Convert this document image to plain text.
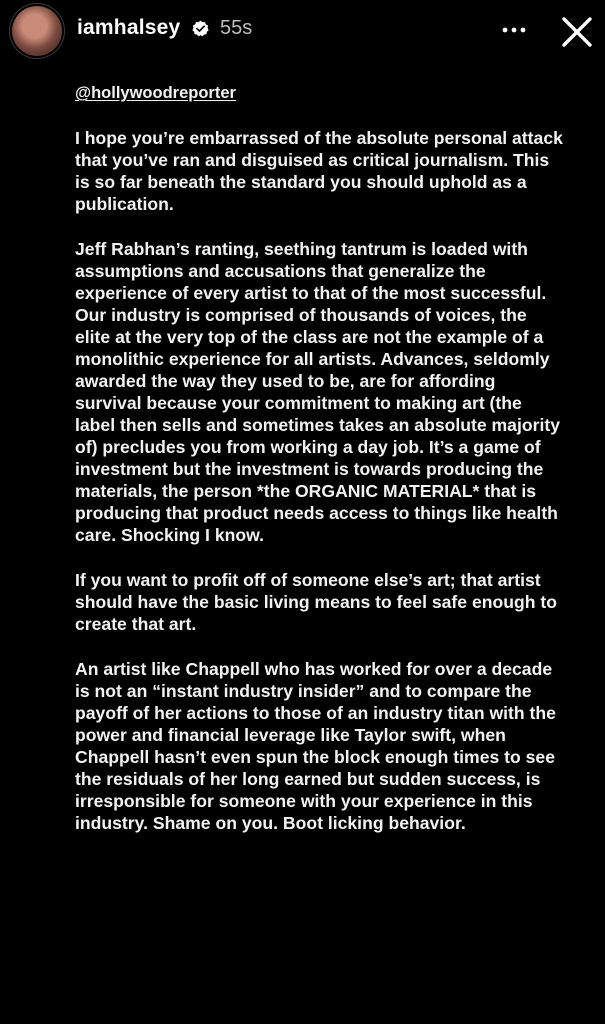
iamhalsey 55s
@hollywoodreporter

I hope you’re embarrassed of the absolute personal attack that you’ve ran and disguised as critical journalism. This is so far beneath the standard you should uphold as a publication.

Jeff Rabhan’s ranting, seething tantrum is loaded with assumptions and accusations that generalize the experience of every artist to that of the most successful. Our industry is comprised of thousands of voices, the elite at the very top of the class are not the example of a monolithic experience for all artists. Advances, seldomly awarded the way they used to be, are for affording survival because your commitment to making art (the label then sells and sometimes takes an absolute majority of) precludes you from working a day job. It’s a game of investment but the investment is towards producing the materials, the person *the ORGANIC MATERIAL* that is producing that product needs access to things like health care. Shocking I know.

If you want to profit off of someone else’s art; that artist should have the basic living means to feel safe enough to create that art.

An artist like Chappell who has worked for over a decade is not an “instant industry insider” and to compare the payoff of her actions to those of an industry titan with the power and financial leverage like Taylor swift, when Chappell hasn’t even spun the block enough times to see the residuals of her long earned but sudden success, is irresponsible for someone with your experience in this industry. Shame on you. Boot licking behavior.
